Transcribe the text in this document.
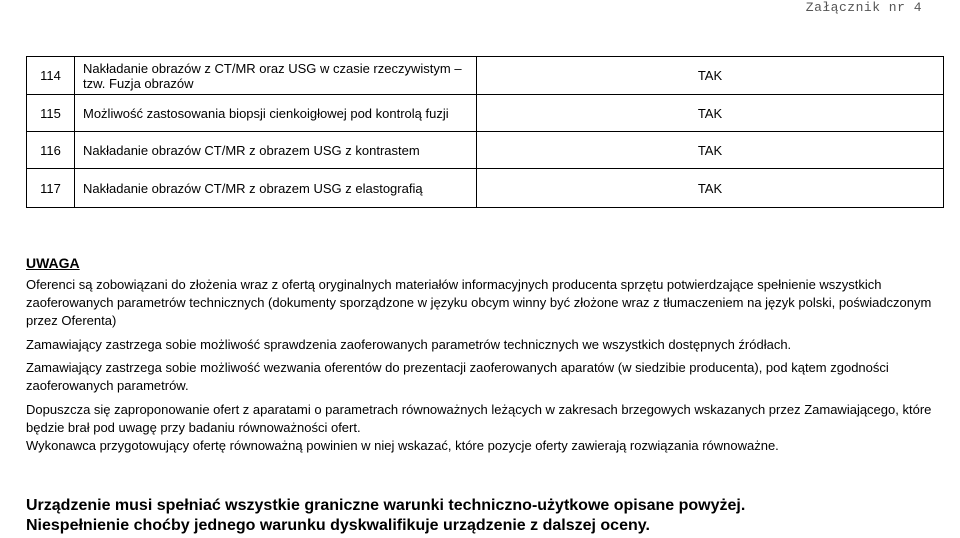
Załącznik nr 4
114	Nakładanie obrazów z CT/MR oraz USG w czasie rzeczywistym – tzw. Fuzja obrazów	TAK
115	Możliwość zastosowania biopsji cienkoigłowej pod kontrolą fuzji	TAK
116	Nakładanie obrazów CT/MR z obrazem USG z kontrastem	TAK
117	Nakładanie obrazów CT/MR z obrazem USG z elastografią	TAK

UWAGA

Oferenci są zobowiązani do złożenia wraz z ofertą oryginalnych materiałów informacyjnych producenta sprzętu potwierdzające spełnienie wszystkich zaoferowanych parametrów technicznych (dokumenty sporządzone w języku obcym winny być złożone wraz z tłumaczeniem na język polski, poświadczonym przez Oferenta)

Zamawiający zastrzega sobie możliwość sprawdzenia zaoferowanych parametrów technicznych we wszystkich dostępnych źródłach.

Zamawiający zastrzega sobie możliwość wezwania oferentów do prezentacji zaoferowanych aparatów (w siedzibie producenta), pod kątem zgodności zaoferowanych parametrów.

Dopuszcza się zaproponowanie ofert z aparatami o parametrach równoważnych leżących w zakresach brzegowych wskazanych przez Zamawiającego, które będzie brał pod uwagę przy badaniu równoważności ofert.

Wykonawca przygotowujący ofertę równoważną powinien w niej wskazać, które pozycje oferty zawierają rozwiązania równoważne.

Urządzenie musi spełniać wszystkie graniczne warunki techniczno-użytkowe opisane powyżej.

Niespełnienie choćby jednego warunku dyskwalifikuje urządzenie z dalszej oceny.
